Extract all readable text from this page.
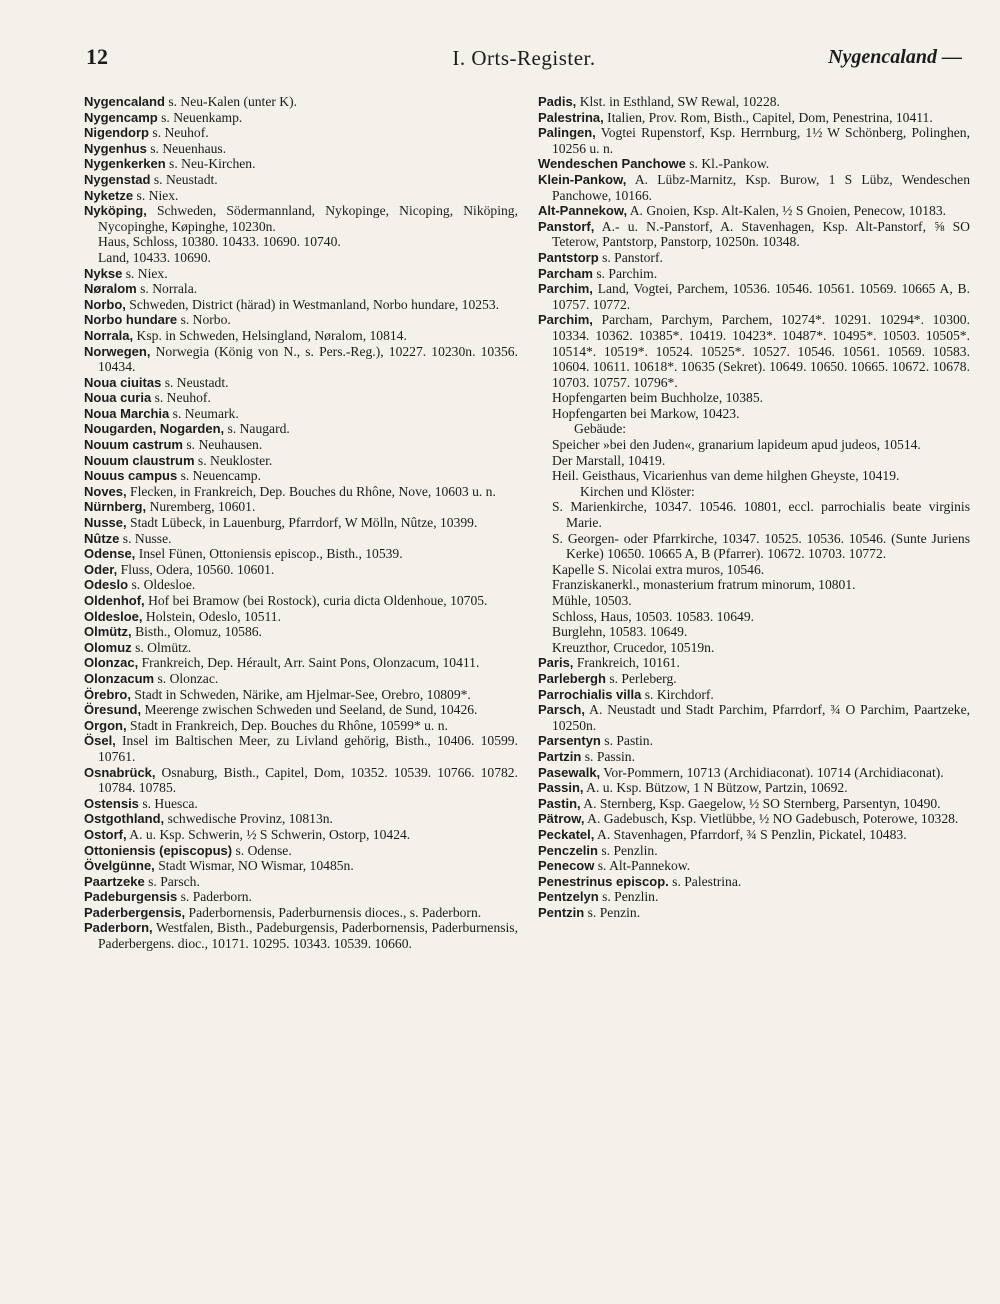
12	I. Orts-Register.	Nygencaland —
Nygencaland s. Neu-Kalen (unter K).
Nygencamp s. Neuenkamp.
Nigendorp s. Neuhof.
Nygenhus s. Neuenhaus.
Nygenkerken s. Neu-Kirchen.
Nygenstad s. Neustadt.
Nyketze s. Niex.
Nyköping, Schweden, Södermannland, Nykopinge, Nicoping, Niköping, Nycopinghe, Køpinghe, 10230n.
Haus, Schloss, 10380. 10433. 10690. 10740.
Land, 10433. 10690.
Nykse s. Niex.
Nøralom s. Norrala.
Norbo, Schweden, District (härad) in Westmanland, Norbo hundare, 10253.
Norbo hundare s. Norbo.
Norrala, Ksp. in Schweden, Helsingland, Nøralom, 10814.
Norwegen, Norwegia (König von N., s. Pers.-Reg.), 10227. 10230n. 10356. 10434.
Noua ciuitas s. Neustadt.
Noua curia s. Neuhof.
Noua Marchia s. Neumark.
Nougarden, Nogarden, s. Naugard.
Nouum castrum s. Neuhausen.
Nouum claustrum s. Neukloster.
Nouus campus s. Neuencamp.
Noves, Flecken, in Frankreich, Dep. Bouches du Rhône, Nove, 10603 u. n.
Nürnberg, Nuremberg, 10601.
Nusse, Stadt Lübeck, in Lauenburg, Pfarrdorf, W Mölln, Nûtze, 10399.
Nûtze s. Nusse.
Odense, Insel Fünen, Ottoniensis episcop., Bisth., 10539.
Oder, Fluss, Odera, 10560. 10601.
Odeslo s. Oldesloe.
Oldenhof, Hof bei Bramow (bei Rostock), curia dicta Oldenhoue, 10705.
Oldesloe, Holstein, Odeslo, 10511.
Olmütz, Bisth., Olomuz, 10586.
Olomuz s. Olmütz.
Olonzac, Frankreich, Dep. Hérault, Arr. Saint Pons, Olonzacum, 10411.
Olonzacum s. Olonzac.
Örebro, Stadt in Schweden, Närike, am Hjelmar-See, Orebro, 10809*.
Öresund, Meerenge zwischen Schweden und Seeland, de Sund, 10426.
Orgon, Stadt in Frankreich, Dep. Bouches du Rhône, 10599* u. n.
Ösel, Insel im Baltischen Meer, zu Livland gehörig, Bisth., 10406. 10599. 10761.
Osnabrück, Osnaburg, Bisth., Capitel, Dom, 10352. 10539. 10766. 10782. 10784. 10785.
Ostensis s. Huesca.
Ostgothland, schwedische Provinz, 10813n.
Ostorf, A. u. Ksp. Schwerin, ½ S Schwerin, Ostorp, 10424.
Ottoniensis (episcopus) s. Odense.
Övelgünne, Stadt Wismar, NO Wismar, 10485n.
Paartzeke s. Parsch.
Padeburgensis s. Paderborn.
Paderbergensis, Paderbornensis, Paderburnensis dioces., s. Paderborn.
Paderborn, Westfalen, Bisth., Padeburgensis, Paderbornensis, Paderburnensis, Paderbergens. dioc., 10171. 10295. 10343. 10539. 10660.
Padis, Klst. in Esthland, SW Rewal, 10228.
Palestrina, Italien, Prov. Rom, Bisth., Capitel, Dom, Penestrina, 10411.
Palingen, Vogtei Rupenstorf, Ksp. Herrnburg, 1½ W Schönberg, Polinghen, 10256 u. n.
Wendeschen Panchowe s. Kl.-Pankow.
Klein-Pankow, A. Lübz-Marnitz, Ksp. Burow, 1 S Lübz, Wendeschen Panchowe, 10166.
Alt-Pannekow, A. Gnoien, Ksp. Alt-Kalen, ½ S Gnoien, Penecow, 10183.
Panstorf, A.- u. N.-Panstorf, A. Stavenhagen, Ksp. Alt-Panstorf, ⅝ SO Teterow, Pantstorp, Panstorp, 10250n. 10348.
Pantstorp s. Panstorf.
Parcham s. Parchim.
Parchim, Land, Vogtei, Parchem, 10536. 10546. 10561. 10569. 10665 A, B. 10757. 10772.
Parchim, Parcham, Parchym, Parchem, 10274*. 10291. 10294*. 10300. 10334. 10362. 10385*. 10419. 10423*. 10487*. 10495*. 10503. 10505*. 10514*. 10519*. 10524. 10525*. 10527. 10546. 10561. 10569. 10583. 10604. 10611. 10618*. 10635 (Sekret). 10649. 10650. 10665. 10672. 10678. 10703. 10757. 10796*.
Hopfengarten beim Buchholze, 10385.
Hopfengarten bei Markow, 10423.
Gebäude:
Speicher »bei den Juden«, granarium lapideum apud judeos, 10514.
Der Marstall, 10419.
Heil. Geisthaus, Vicarienhus van deme hilghen Gheyste, 10419.
Kirchen und Klöster:
S. Marienkirche, 10347. 10546. 10801, eccl. parrochialis beate virginis Marie.
S. Georgen- oder Pfarrkirche, 10347. 10525. 10536. 10546. (Sunte Juriens Kerke) 10650. 10665 A, B (Pfarrer). 10672. 10703. 10772.
Kapelle S. Nicolai extra muros, 10546.
Franziskanerkl., monasterium fratrum minorum, 10801.
Mühle, 10503.
Schloss, Haus, 10503. 10583. 10649.
Burglehn, 10583. 10649.
Kreuzthor, Crucedor, 10519n.
Paris, Frankreich, 10161.
Parlebergh s. Perleberg.
Parrochialis villa s. Kirchdorf.
Parsch, A. Neustadt und Stadt Parchim, Pfarrdorf, ¾ O Parchim, Paartzeke, 10250n.
Parsentyn s. Pastin.
Partzin s. Passin.
Pasewalk, Vor-Pommern, 10713 (Archidiaconat). 10714 (Archidiaconat).
Passin, A. u. Ksp. Bützow, 1 N Bützow, Partzin, 10692.
Pastin, A. Sternberg, Ksp. Gaegelow, ½ SO Sternberg, Parsentyn, 10490.
Pätrow, A. Gadebusch, Ksp. Vietlübbe, ½ NO Gadebusch, Poterowe, 10328.
Peckatel, A. Stavenhagen, Pfarrdorf, ¾ S Penzlin, Pickatel, 10483.
Penczelin s. Penzlin.
Penecow s. Alt-Pannekow.
Penestrinus episcop. s. Palestrina.
Pentzelyn s. Penzlin.
Pentzin s. Penzin.
